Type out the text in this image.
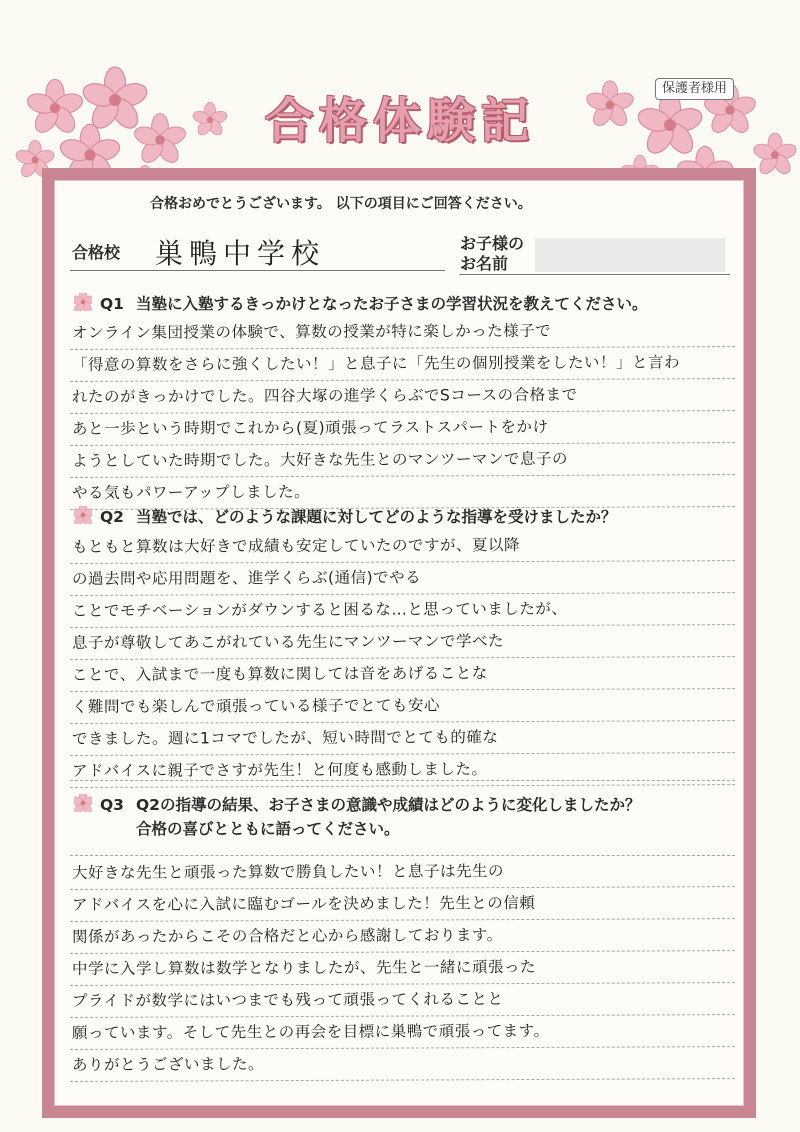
合格体験記
保護者様用
合格おめでとうございます。 以下の項目にご回答ください。
合格校 巣鴨中学校	お子様の
お名前
Q1 当塾に入塾するきっかけとなったお子さまの学習状況を教えてください。
オンライン集団授業の体験で、算数の授業が特に楽しかった様子で
「得意の算数をさらに強くしたい！」と息子に「先生の個別授業をしたい！」と言わ
れたのがきっかけでした。四谷大塚の進学くらぶでSコースの合格まで
あと一歩という時期でこれから(夏)頑張ってラストスパートをかけ
ようとしていた時期でした。大好きな先生とのマンツーマンで息子の
やる気もパワーアップしました。
Q2 当塾では、どのような課題に対してどのような指導を受けましたか？
もともと算数は大好きで成績も安定していたのですが、夏以降
の過去問や応用問題を、進学くらぶ(通信)でやる
ことでモチベーションがダウンすると困るな…と思っていましたが、
息子が尊敬してあこがれている先生にマンツーマンで学べた
ことで、入試まで一度も算数に関しては音をあげることな
く難問でも楽しんで頑張っている様子でとても安心
できました。週に1コマでしたが、短い時間でとても的確な
アドバイスに親子でさすが先生！と何度も感動しました。
Q3 Q2の指導の結果、お子さまの意識や成績はどのように変化しましたか？
合格の喜びとともに語ってください。
大好きな先生と頑張った算数で勝負したい！と息子は先生の
アドバイスを心に入試に臨むゴールを決めました！先生との信頼
関係があったからこその合格だと心から感謝しております。
中学に入学し算数は数学となりましたが、先生と一緒に頑張った
プライドが数学にはいつまでも残って頑張ってくれることと
願っています。そして先生との再会を目標に巣鴨で頑張ってます。
ありがとうございました。
